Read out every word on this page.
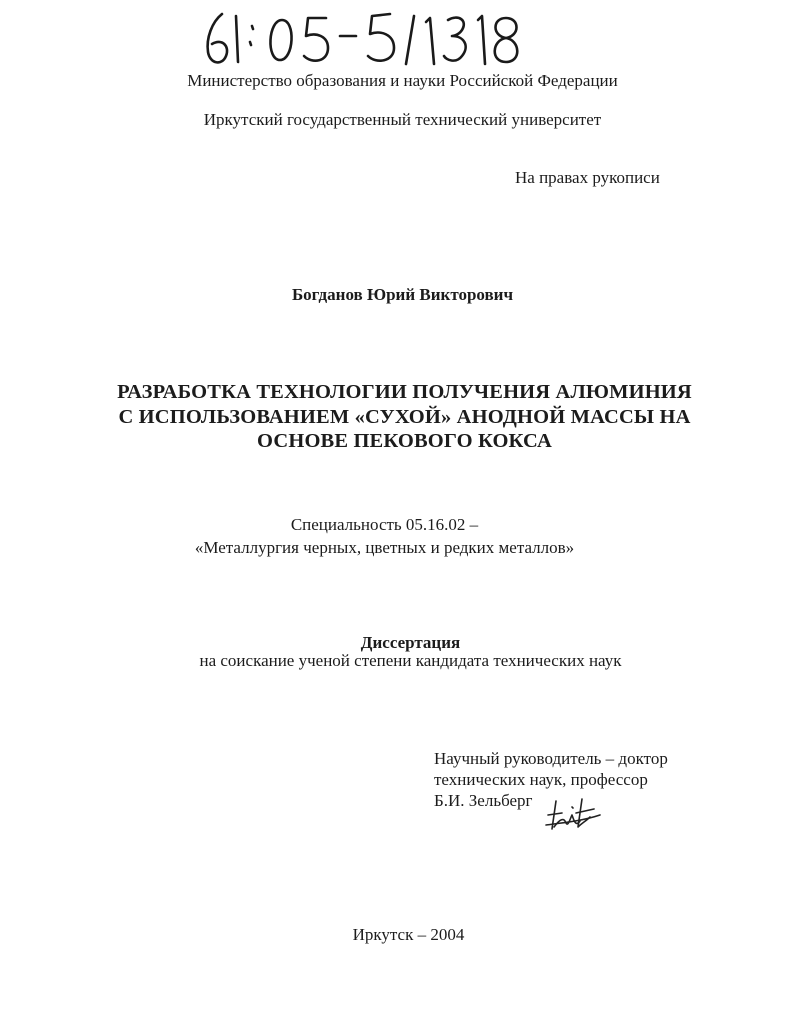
Министерство образования и науки Российской Федерации
Иркутский государственный технический университет
На правах рукописи
Богданов Юрий Викторович
РАЗРАБОТКА ТЕХНОЛОГИИ ПОЛУЧЕНИЯ АЛЮМИНИЯ
С ИСПОЛЬЗОВАНИЕМ «СУХОЙ» АНОДНОЙ МАССЫ НА
ОСНОВЕ ПЕКОВОГО КОКСА
Специальность 05.16.02 –
«Металлургия черных, цветных и редких металлов»
Диссертация
на соискание ученой степени кандидата технических наук
Научный руководитель – доктор
технических наук, профессор
Б.И. Зельберг
Иркутск – 2004
